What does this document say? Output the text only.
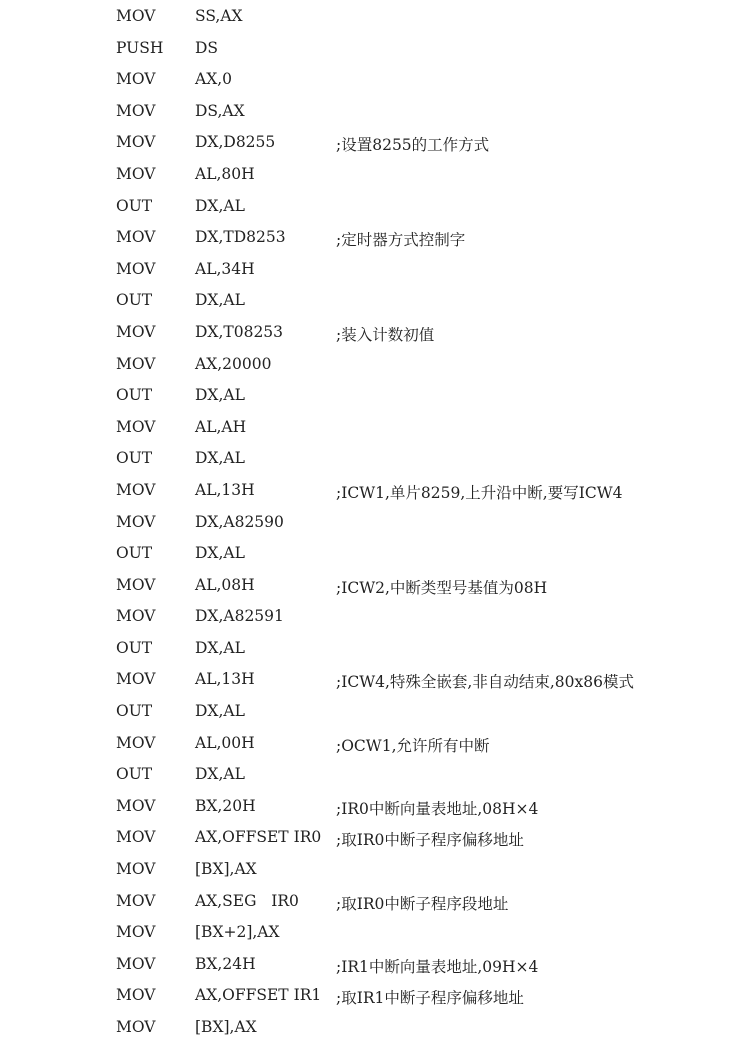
MOV	SS,AX
PUSH DS
MOV	AX,0
MOV	DS,AX
MOV	DX,D8255	;设置8255的工作方式
MOV	AL,80H
OUT	DX,AL
MOV	DX,TD8253	;定时器方式控制字
MOV	AL,34H
OUT	DX,AL
MOV	DX,T08253	;装入计数初值
MOV	AX,20000
OUT	DX,AL
MOV	AL,AH
OUT	DX,AL
MOV	AL,13H	;ICW1,单片8259,上升沿中断,要写ICW4
MOV	DX,A82590
OUT	DX,AL
MOV	AL,08H	;ICW2,中断类型号基值为08H
MOV	DX,A82591
OUT	DX,AL
MOV	AL,13H	;ICW4,特殊全嵌套,非自动结束,80x86模式
OUT	DX,AL
MOV	AL,00H	;OCW1,允许所有中断
OUT	DX,AL
MOV	BX,20H	;IR0中断向量表地址,08H×4
MOV	AX,OFFSET IR0 ;取IR0中断子程序偏移地址
MOV	[BX],AX
MOV	AX,SEG   IR0 ;取IR0中断子程序段地址
MOV	[BX+2],AX
MOV	BX,24H	;IR1中断向量表地址,09H×4
MOV	AX,OFFSET IR1 ;取IR1中断子程序偏移地址
MOV	[BX],AX
